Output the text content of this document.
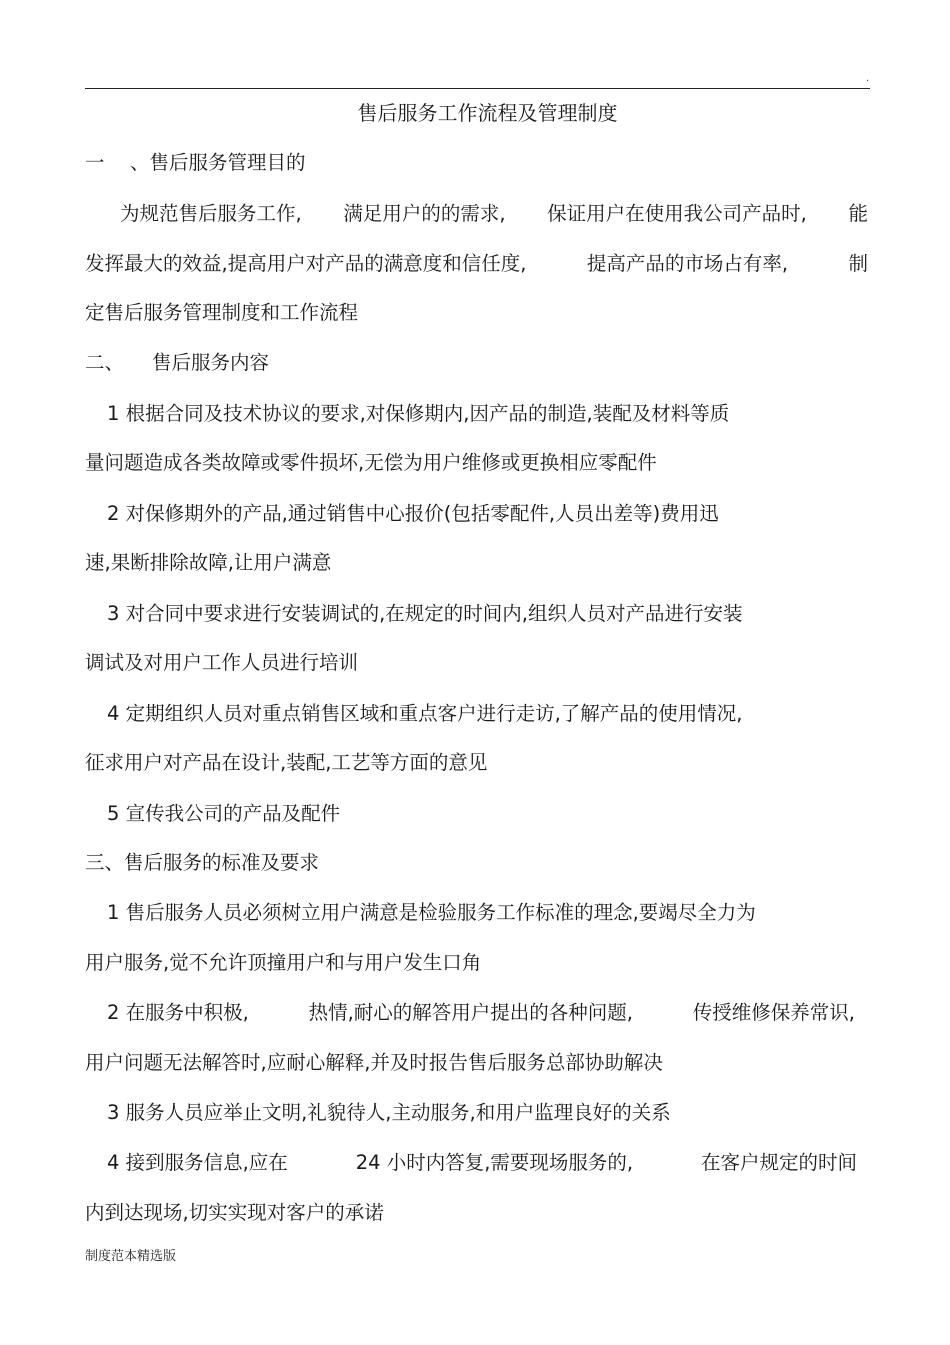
.
售后服务工作流程及管理制度
一 、售后服务管理目的
为规范售后服务工作, 满足用户的的需求, 保证用户在使用我公司产品时, 能
发挥最大的效益,提高用户对产品的满意度和信任度,	提高产品的市场占有率,	制
定售后服务管理制度和工作流程
二、 售后服务内容
1 根据合同及技术协议的要求,对保修期内,因产品的制造,装配及材料等质
量问题造成各类故障或零件损坏,无偿为用户维修或更换相应零配件
2 对保修期外的产品,通过销售中心报价(包括零配件,人员出差等)费用迅
速,果断排除故障,让用户满意
3 对合同中要求进行安装调试的,在规定的时间内,组织人员对产品进行安装
调试及对用户工作人员进行培训
4 定期组织人员对重点销售区域和重点客户进行走访,了解产品的使用情况,
征求用户对产品在设计,装配,工艺等方面的意见
5 宣传我公司的产品及配件
三、售后服务的标准及要求
1 售后服务人员必须树立用户满意是检验服务工作标准的理念,要竭尽全力为
用户服务,觉不允许顶撞用户和与用户发生口角
2 在服务中积极,	热情,耐心的解答用户提出的各种问题,	传授维修保养常识,
用户问题无法解答时,应耐心解释,并及时报告售后服务总部协助解决
3 服务人员应举止文明,礼貌待人,主动服务,和用户监理良好的关系
4 接到服务信息,应在	24 小时内答复,需要现场服务的,	在客户规定的时间
内到达现场,切实实现对客户的承诺
制度范本精选版
